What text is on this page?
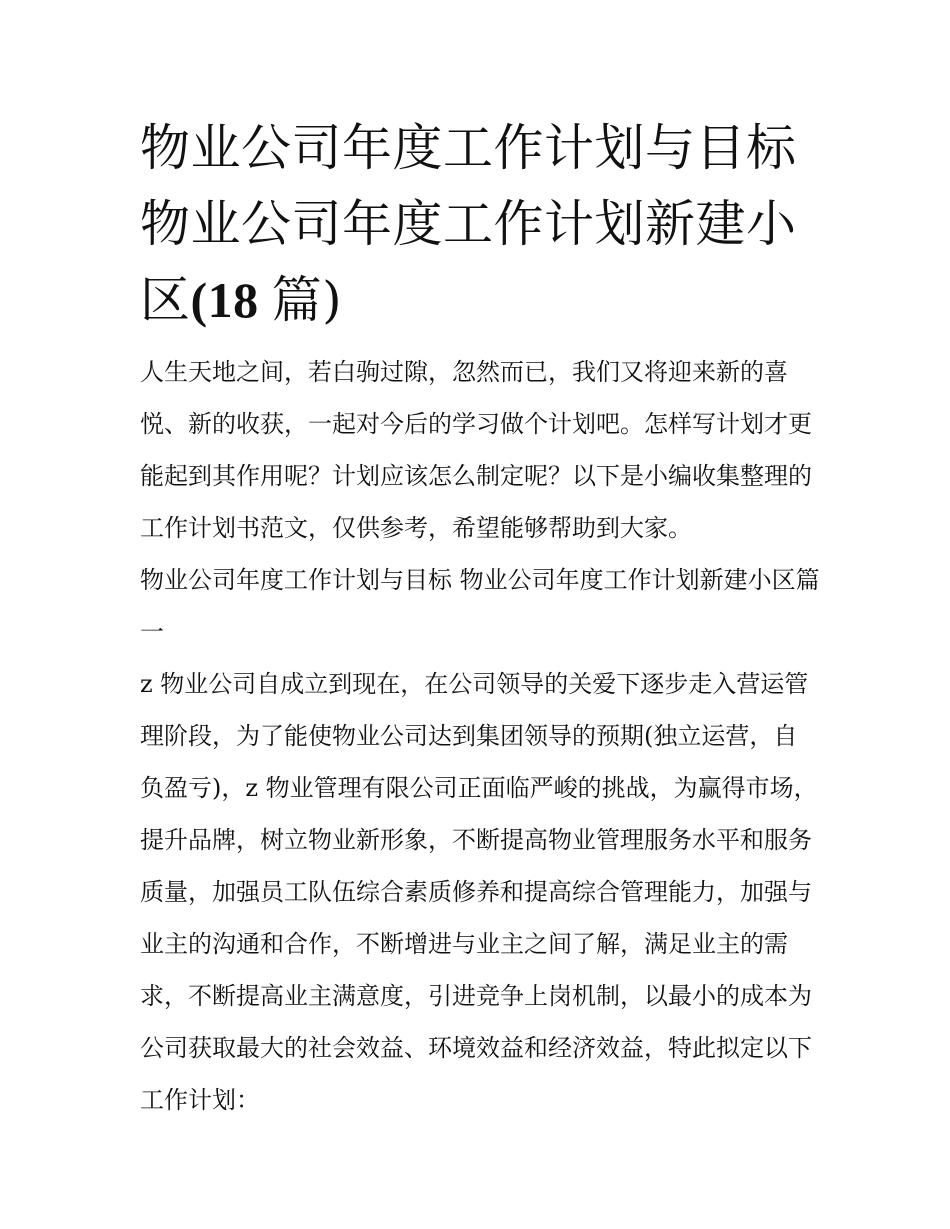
物业公司年度工作计划与目标
物业公司年度工作计划新建小
区(18 篇)

人生天地之间，若白驹过隙，忽然而已，我们又将迎来新的喜悦、新的收获，一起对今后的学习做个计划吧。怎样写计划才更能起到其作用呢？计划应该怎么制定呢？以下是小编收集整理的工作计划书范文，仅供参考，希望能够帮助到大家。

物业公司年度工作计划与目标 物业公司年度工作计划新建小区篇一

z 物业公司自成立到现在，在公司领导的关爱下逐步走入营运管理阶段，为了能使物业公司达到集团领导的预期(独立运营，自负盈亏)，z 物业管理有限公司正面临严峻的挑战，为赢得市场，提升品牌，树立物业新形象，不断提高物业管理服务水平和服务质量，加强员工队伍综合素质修养和提高综合管理能力，加强与业主的沟通和合作，不断增进与业主之间了解，满足业主的需求，不断提高业主满意度，引进竞争上岗机制，以最小的成本为公司获取最大的社会效益、环境效益和经济效益，特此拟定以下工作计划：
